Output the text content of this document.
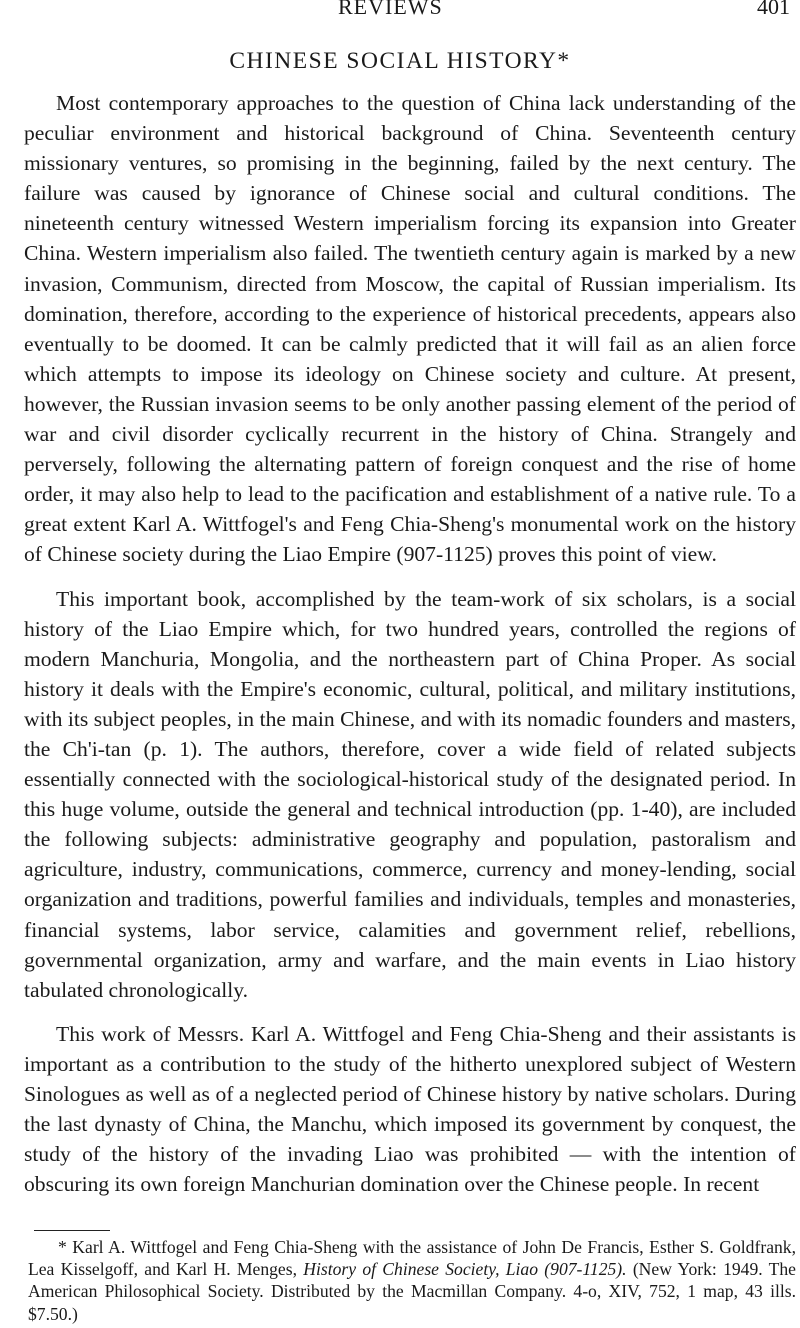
REVIEWS	401
CHINESE SOCIAL HISTORY*

Most contemporary approaches to the question of China lack understanding of the peculiar environment and historical background of China. Seventeenth century missionary ventures, so promising in the beginning, failed by the next century. The failure was caused by ignorance of Chinese social and cultural conditions. The nineteenth century witnessed Western imperialism forcing its expansion into Greater China. Western imperialism also failed. The twentieth century again is marked by a new invasion, Communism, directed from Moscow, the capital of Russian imperialism. Its domination, therefore, according to the experience of historical precedents, appears also eventually to be doomed. It can be calmly predicted that it will fail as an alien force which attempts to impose its ideology on Chinese society and culture. At present, however, the Russian invasion seems to be only another passing element of the period of war and civil disorder cyclically recurrent in the history of China. Strangely and perversely, following the alternating pattern of foreign conquest and the rise of home order, it may also help to lead to the pacification and establishment of a native rule. To a great extent Karl A. Wittfogel's and Feng Chia-Sheng's monumental work on the history of Chinese society during the Liao Empire (907-1125) proves this point of view.

This important book, accomplished by the team-work of six scholars, is a social history of the Liao Empire which, for two hundred years, controlled the regions of modern Manchuria, Mongolia, and the northeastern part of China Proper. As social history it deals with the Empire's economic, cultural, political, and military institutions, with its subject peoples, in the main Chinese, and with its nomadic founders and masters, the Ch'i-tan (p. 1). The authors, therefore, cover a wide field of related subjects essentially connected with the sociological-historical study of the designated period. In this huge volume, outside the general and technical introduction (pp. 1-40), are included the following subjects: administrative geography and population, pastoralism and agriculture, industry, communications, commerce, currency and money-lending, social organization and traditions, powerful families and individuals, temples and monasteries, financial systems, labor service, calamities and government relief, rebellions, governmental organization, army and warfare, and the main events in Liao history tabulated chronologically.

This work of Messrs. Karl A. Wittfogel and Feng Chia-Sheng and their assistants is important as a contribution to the study of the hitherto unexplored subject of Western Sinologues as well as of a neglected period of Chinese history by native scholars. During the last dynasty of China, the Manchu, which imposed its government by conquest, the study of the history of the invading Liao was prohibited — with the intention of obscuring its own foreign Manchurian domination over the Chinese people. In recent

* Karl A. Wittfogel and Feng Chia-Sheng with the assistance of John De Francis, Esther S. Goldfrank, Lea Kisselgoff, and Karl H. Menges, History of Chinese Society, Liao (907-1125). (New York: 1949. The American Philosophical Society. Distributed by the Macmillan Company. 4-o, XIV, 752, 1 map, 43 ills. $7.50.)
